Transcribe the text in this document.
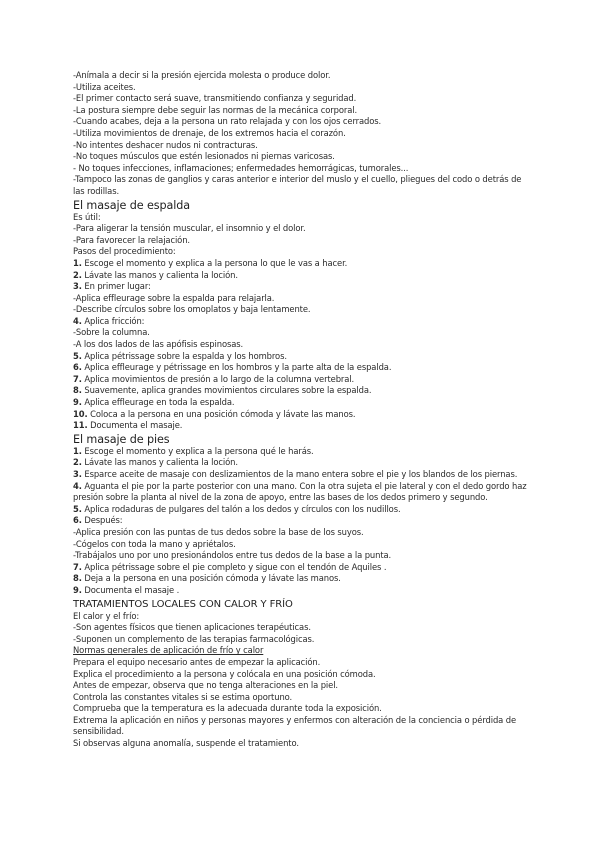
-Anímala a decir si la presión ejercida molesta o produce dolor.
-Utiliza aceites.
-El primer contacto será suave, transmitiendo confianza y seguridad.
-La postura siempre debe seguir las normas de la mecánica corporal.
-Cuando acabes, deja a la persona un rato relajada y con los ojos cerrados.
-Utiliza movimientos de drenaje, de los extremos hacia el corazón.
-No intentes deshacer nudos ni contracturas.
-No toques músculos que estén lesionados ni piernas varicosas.
- No toques infecciones, inflamaciones; enfermedades hemorrágicas, tumorales...
-Tampoco las zonas de ganglios y caras anterior e interior del muslo y el cuello, pliegues del codo o detrás de las rodillas.
El masaje de espalda
Es útil:
-Para aligerar la tensión muscular, el insomnio y el dolor.
-Para favorecer la relajación.
Pasos del procedimiento:
1. Escoge el momento y explica a la persona lo que le vas a hacer.
2. Lávate las manos y calienta la loción.
3. En primer lugar:
-Aplica effleurage sobre la espalda para relajarla.
-Describe círculos sobre los omoplatos y baja lentamente.
4. Aplica fricción:
-Sobre la columna.
-A los dos lados de las apófisis espinosas.
5. Aplica pétrissage sobre la espalda y los hombros.
6. Aplica effleurage y pétrissage en los hombros y la parte alta de la espalda.
7. Aplica movimientos de presión a lo largo de la columna vertebral.
8. Suavemente, aplica grandes movimientos circulares sobre la espalda.
9. Aplica effleurage en toda la espalda.
10. Coloca a la persona en una posición cómoda y lávate las manos.
11. Documenta el masaje.
El masaje de pies
1. Escoge el momento y explica a la persona qué le harás.
2. Lávate las manos y calienta la loción.
3. Esparce aceite de masaje con deslizamientos de la mano entera sobre el pie y los blandos de los piernas.
4. Aguanta el pie por la parte posterior con una mano. Con la otra sujeta el pie lateral y con el dedo gordo haz presión sobre la planta al nivel de la zona de apoyo, entre las bases de los dedos primero y segundo.
5. Aplica rodaduras de pulgares del talón a los dedos y círculos con los nudillos.
6. Después:
-Aplica presión con las puntas de tus dedos sobre la base de los suyos.
-Cógelos con toda la mano y apriétalos.
-Trabájalos uno por uno presionándolos entre tus dedos de la base a la punta.
7. Aplica pétrissage sobre el pie completo y sigue con el tendón de Aquiles .
8. Deja a la persona en una posición cómoda y lávate las manos.
9. Documenta el masaje .
TRATAMIENTOS LOCALES CON CALOR Y FRÍO
El calor y el frío:
-Son agentes físicos que tienen aplicaciones terapéuticas.
-Suponen un complemento de las terapias farmacológicas.
Normas generales de aplicación de frío y calor
Prepara el equipo necesario antes de empezar la aplicación.
Explica el procedimiento a la persona y colócala en una posición cómoda.
Antes de empezar, observa que no tenga alteraciones en la piel.
Controla las constantes vitales si se estima oportuno.
Comprueba que la temperatura es la adecuada durante toda la exposición.
Extrema la aplicación en niños y personas mayores y enfermos con alteración de la conciencia o pérdida de sensibilidad.
Si observas alguna anomalía, suspende el tratamiento.
